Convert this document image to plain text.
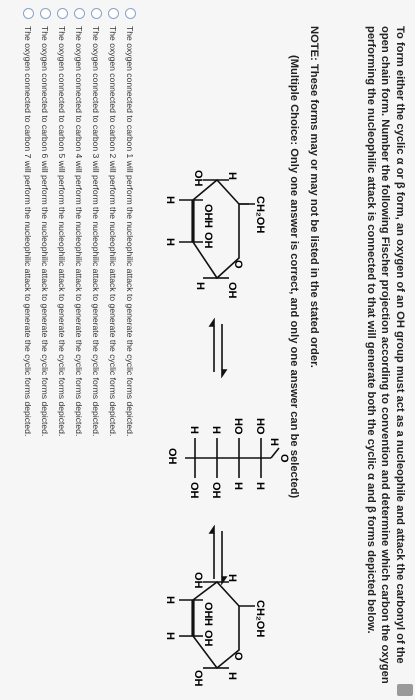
To form either the cyclic α or β form, an oxygen of an OH group must act as a nucleophile and attack the carbonyl of the open chain form. Number the following Fischer projection according to convention and determine which carbon the oxygen performing the nucleophilic attack is connected to that will generate both the cyclic α and β forms depicted below.
NOTE: These forms may or may not be listed in the stated order.
(Multiple Choice: Only one answer is correct, and only one answer can be selected)
CH₂OH
O
OH
H
OH
H
OH
H
OH
H
H
O
H
HO
H
HO
H
H
OH
H
OH
OH
CH₂OH
O
H
H
OH
H
OH
OH
OH
H
H
The oxygen connected to carbon 1 will perform the nucleophilic attack to generate the cyclic forms depicted.
The oxygen connected to carbon 2 will perform the nucleophilic attack to generate the cyclic forms depicted.
The oxygen connected to carbon 3 will perform the nucleophilic attack to generate the cyclic forms depicted.
The oxygen connected to carbon 4 will perform the nucleophilic attack to generate the cyclic forms depicted.
The oxygen connected to carbon 5 will perform the nucleophilic attack to generate the cyclic forms depicted.
The oxygen connected to carbon 6 will perform the nucleophilic attack to generate the cyclic forms depicted.
The oxygen connected to carbon 7 will perform the nucleophilic attack to generate the cyclic forms depicted.
